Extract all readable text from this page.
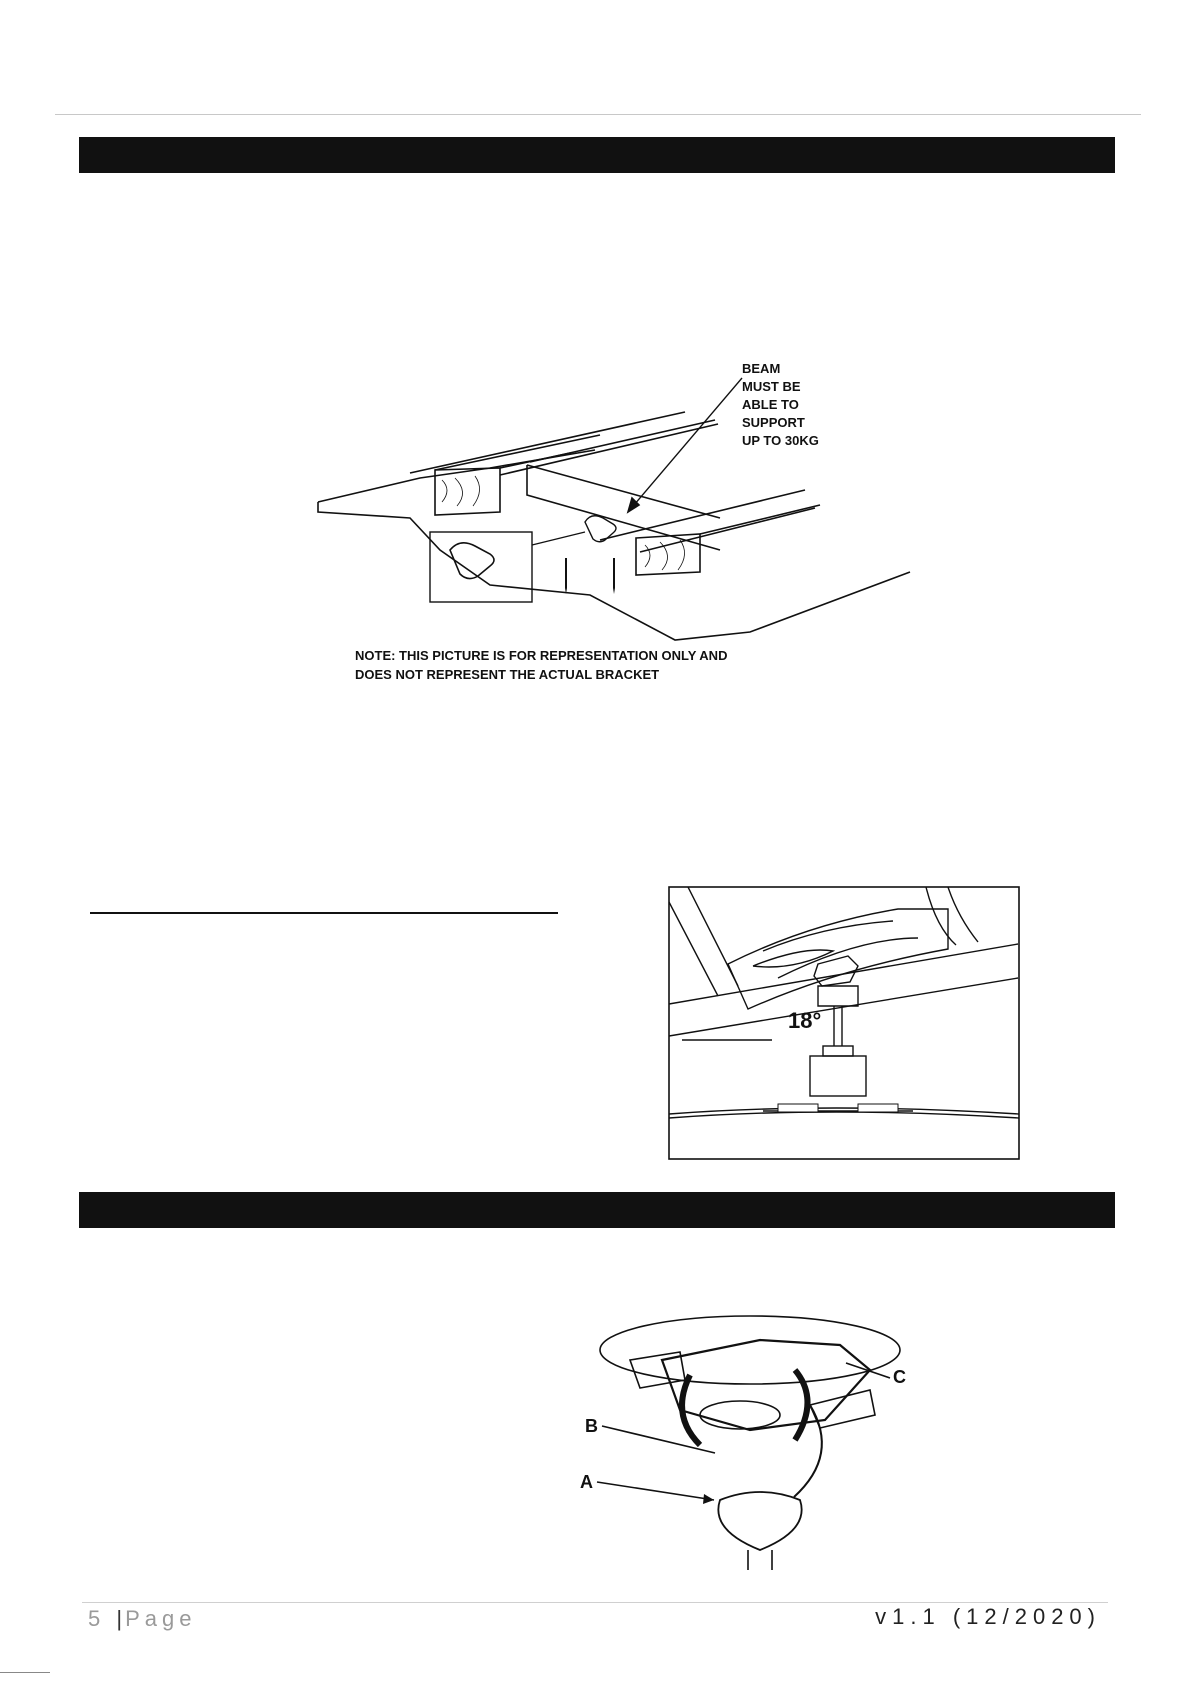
BEAM MUST BE ABLE TO SUPPORT UP TO 30KG
NOTE: THIS PICTURE IS FOR REPRESENTATION ONLY AND DOES NOT REPRESENT THE ACTUAL BRACKET
18°
B
A
C
5 |Page	v1.1 (12/2020)
